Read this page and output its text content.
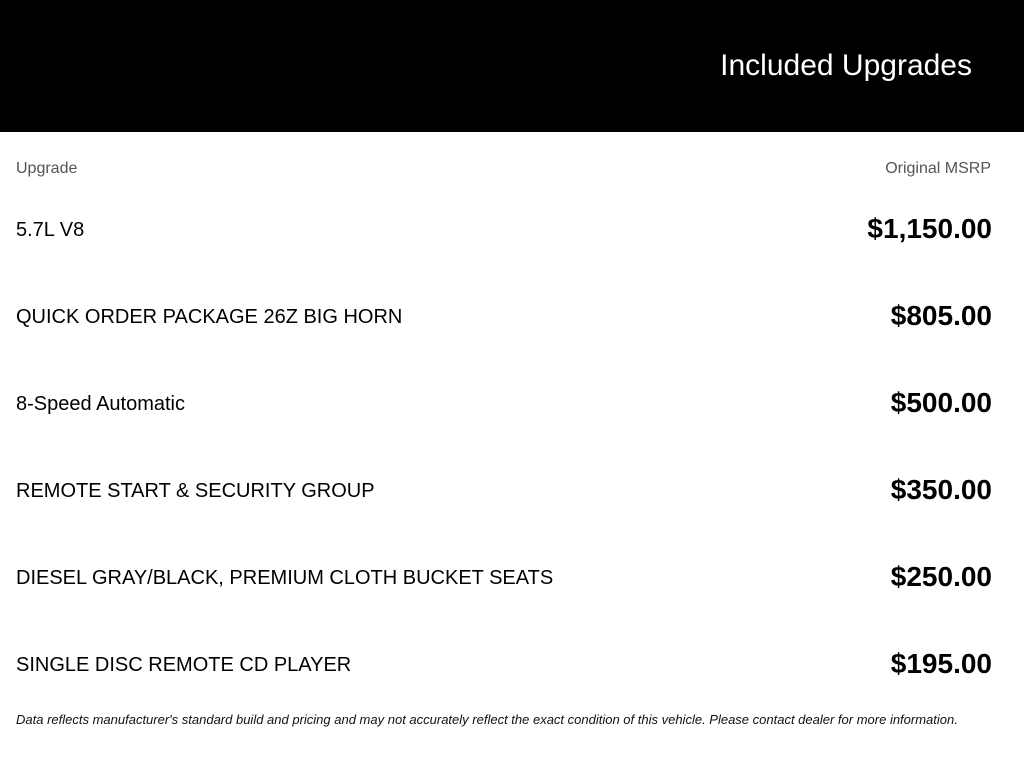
Included Upgrades
Upgrade	Original MSRP
5.7L V8	$1,150.00
QUICK ORDER PACKAGE 26Z BIG HORN	$805.00
8-Speed Automatic	$500.00
REMOTE START & SECURITY GROUP	$350.00
DIESEL GRAY/BLACK, PREMIUM CLOTH BUCKET SEATS	$250.00
SINGLE DISC REMOTE CD PLAYER	$195.00
Data reflects manufacturer's standard build and pricing and may not accurately reflect the exact condition of this vehicle. Please contact dealer for more information.
